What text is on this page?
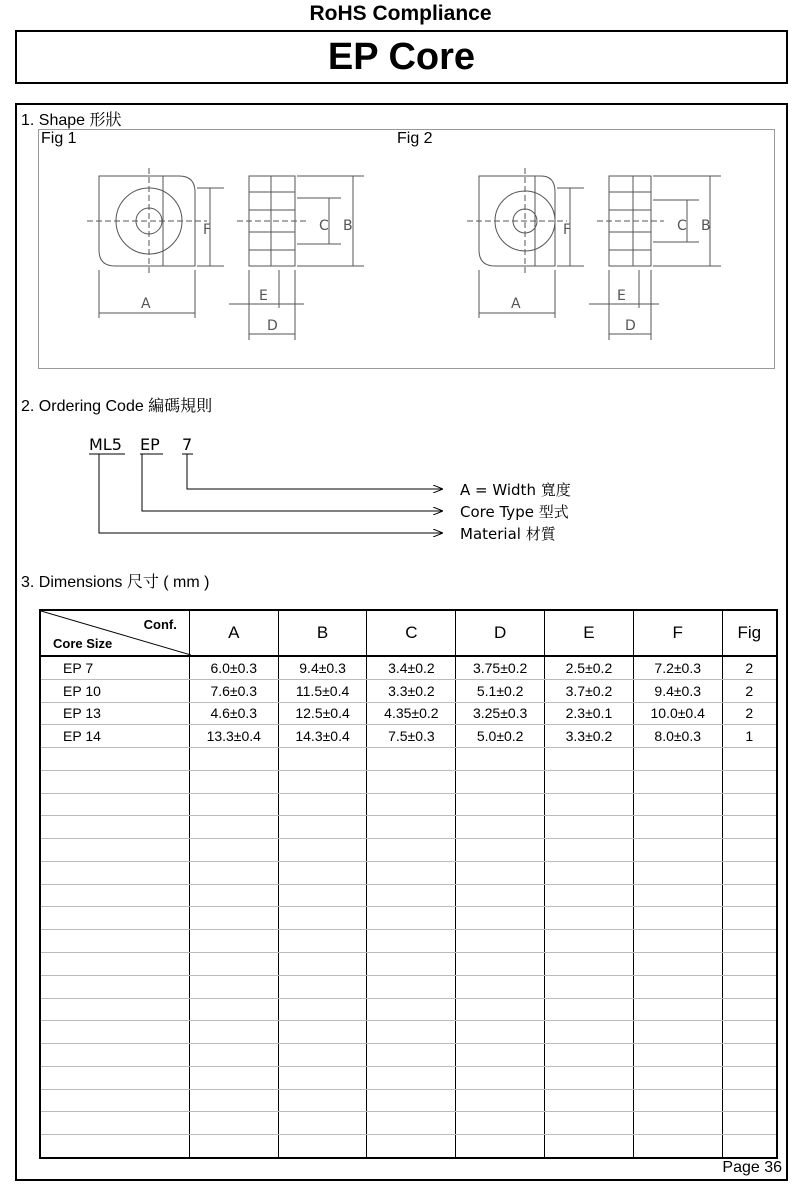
RoHS Compliance
EP Core
1. Shape 形狀
Fig 1	Fig 2
F
A
C B
E
D
F
A
C B
E
D
2. Ordering Code 編碼規則
ML5 EP 7
A = Width 寬度
Core Type 型式
Material 材質
3. Dimensions 尺寸 ( mm )
Conf.
Core Size	A	B	C	D	E	F	Fig
EP 7	6.0±0.3	9.4±0.3	3.4±0.2	3.75±0.2	2.5±0.2	7.2±0.3	2
EP 10	7.6±0.3	11.5±0.4	3.3±0.2	5.1±0.2	3.7±0.2	9.4±0.3	2
EP 13	4.6±0.3	12.5±0.4	4.35±0.2	3.25±0.3	2.3±0.1	10.0±0.4	2
EP 14	13.3±0.4	14.3±0.4	7.5±0.3	5.0±0.2	3.3±0.2	8.0±0.3	1

Page 36
